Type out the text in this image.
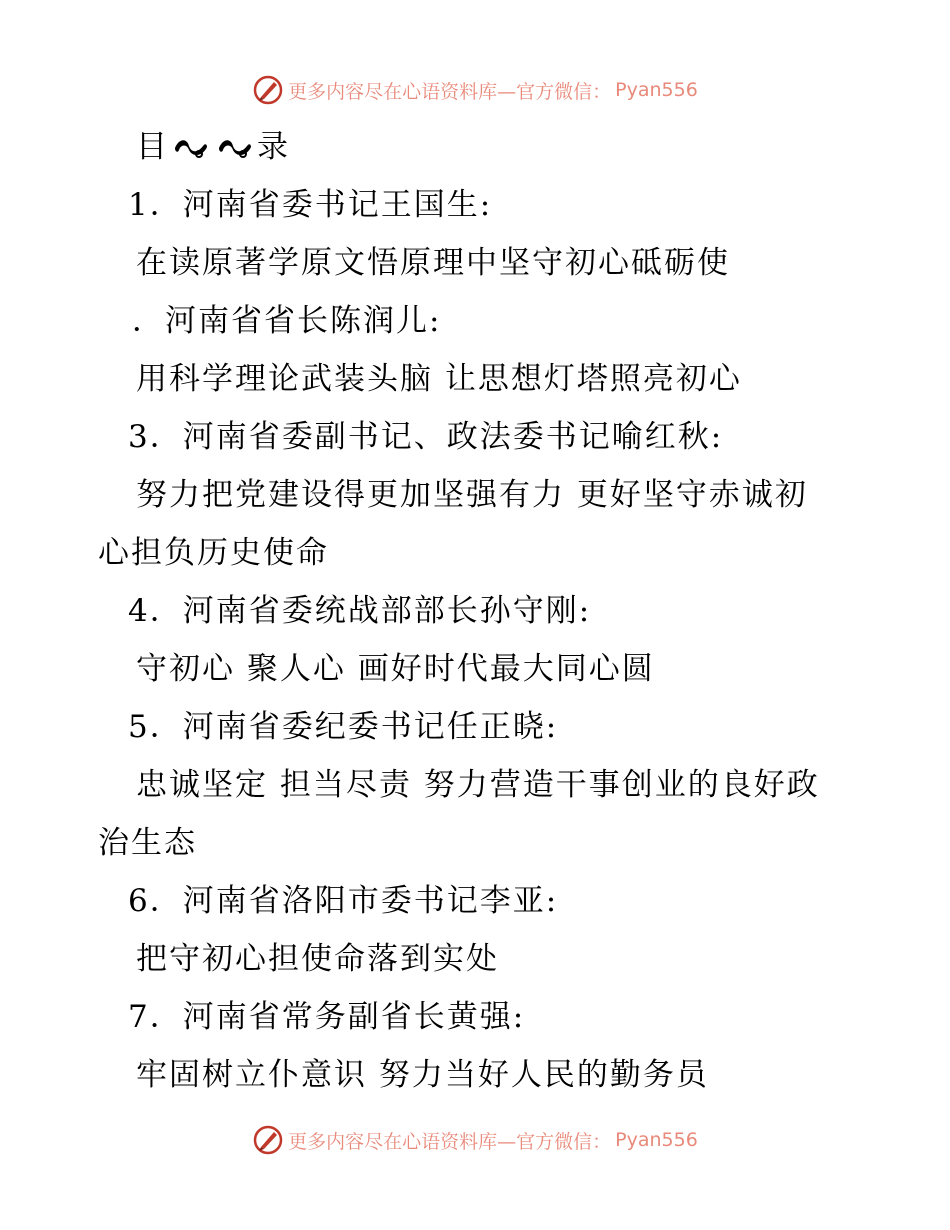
更多内容尽在心语资料库—官方微信： Pyan556
目	录
1．河南省委书记王国生:
在读原著学原文悟原理中坚守初心砥砺使
．河南省省长陈润儿:
用科学理论武装头脑 让思想灯塔照亮初心
3．河南省委副书记、政法委书记喻红秋:
努力把党建设得更加坚强有力 更好坚守赤诚初
心担负历史使命
4．河南省委统战部部长孙守刚:
守初心 聚人心 画好时代最大同心圆
5．河南省委纪委书记任正晓:
忠诚坚定 担当尽责 努力营造干事创业的良好政
治生态
6．河南省洛阳市委书记李亚:
把守初心担使命落到实处
7．河南省常务副省长黄强:
牢固树立仆意识 努力当好人民的勤务员
更多内容尽在心语资料库—官方微信： Pyan556
